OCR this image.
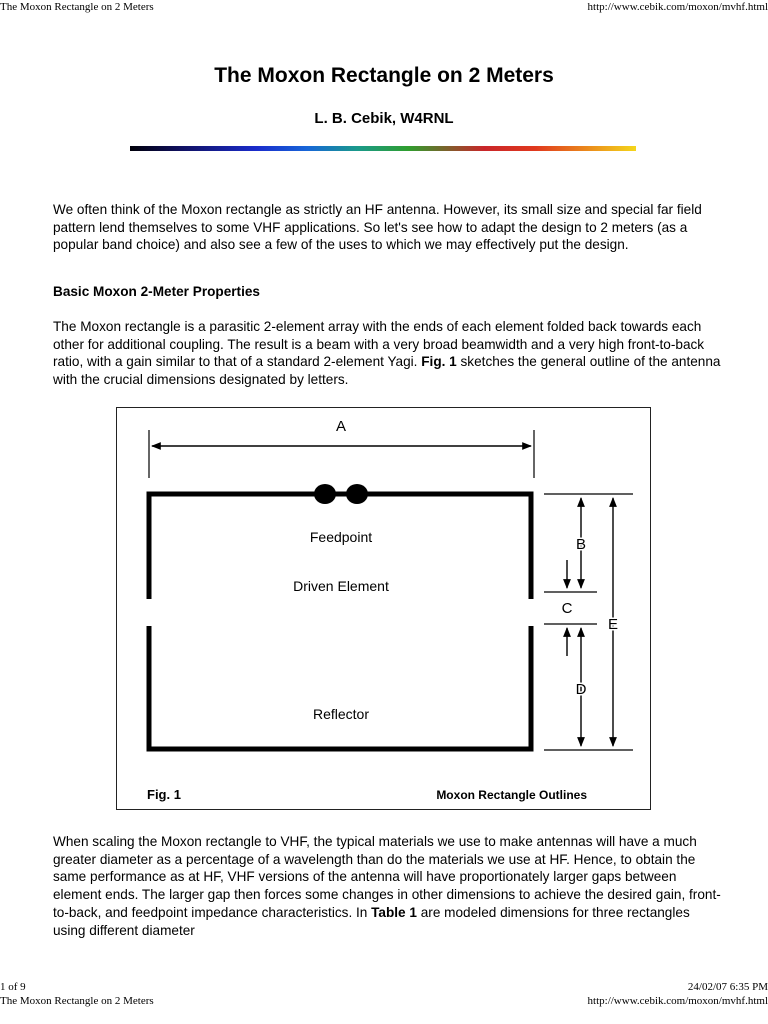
The Moxon Rectangle on 2 Meters	http://www.cebik.com/moxon/mvhf.html
The Moxon Rectangle on 2 Meters
L. B. Cebik, W4RNL

We often think of the Moxon rectangle as strictly an HF antenna. However, its small size and special far field pattern lend themselves to some VHF applications. So let's see how to adapt the design to 2 meters (as a popular band choice) and also see a few of the uses to which we may effectively put the design.

Basic Moxon 2-Meter Properties

The Moxon rectangle is a parasitic 2-element array with the ends of each element folded back towards each other for additional coupling. The result is a beam with a very broad beamwidth and a very high front-to-back ratio, with a gain similar to that of a standard 2-element Yagi. Fig. 1 sketches the general outline of the antenna with the crucial dimensions designated by letters.

A
Feedpoint
Driven Element
Reflector
B
C
D
E
Fig. 1	Moxon Rectangle Outlines

When scaling the Moxon rectangle to VHF, the typical materials we use to make antennas will have a much greater diameter as a percentage of a wavelength than do the materials we use at HF. Hence, to obtain the same performance as at HF, VHF versions of the antenna will have proportionately larger gaps between element ends. The larger gap then forces some changes in other dimensions to achieve the desired gain, front-to-back, and feedpoint impedance characteristics. In Table 1 are modeled dimensions for three rectangles using different diameter

1 of 9	24/02/07 6:35 PM
The Moxon Rectangle on 2 Meters	http://www.cebik.com/moxon/mvhf.html
